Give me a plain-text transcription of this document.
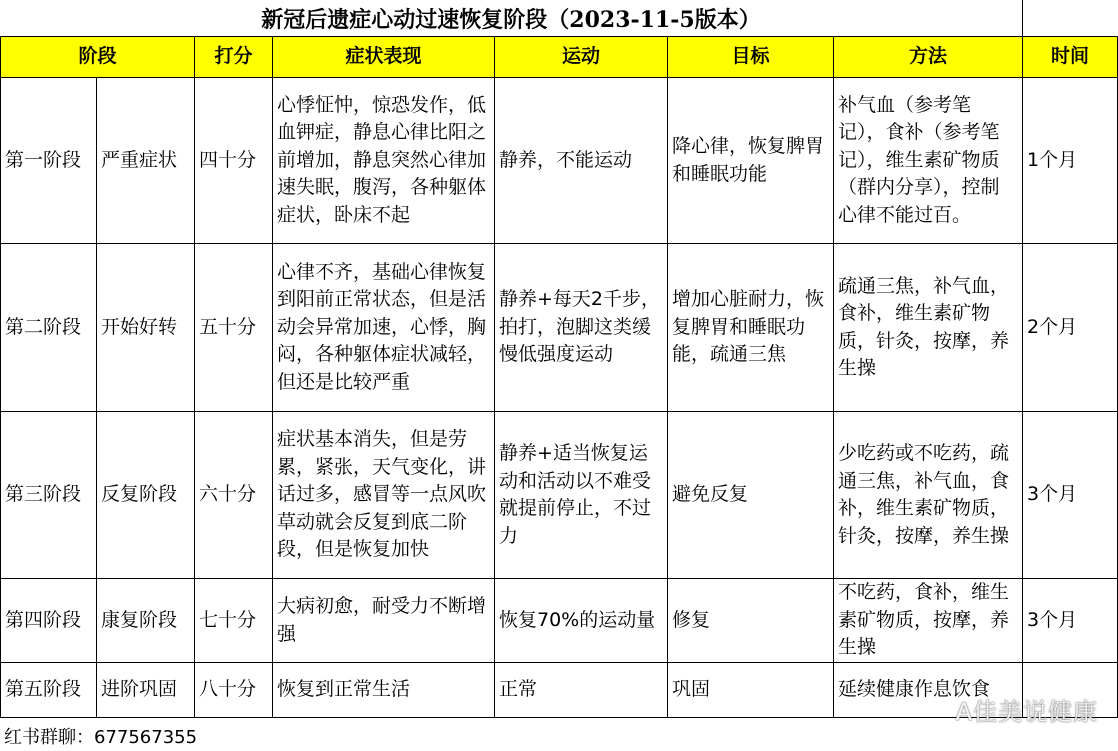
新冠后遗症心动过速恢复阶段（2023-11-5版本）
阶段		打分	症状表现	运动	目标	方法	时间
第一阶段	严重症状	四十分	心悸怔忡，惊恐发作，低血钾症，静息心律比阳之前增加，静息突然心律加速失眠，腹泻，各种躯体症状，卧床不起	静养，不能运动	降心律，恢复脾胃和睡眠功能	补气血（参考笔记），食补（参考笔记），维生素矿物质（群内分享），控制心律不能过百。	1个月
第二阶段	开始好转	五十分	心律不齐，基础心律恢复到阳前正常状态，但是活动会异常加速，心悸，胸闷，各种躯体症状减轻，但还是比较严重	静养+每天2千步，拍打，泡脚这类缓慢低强度运动	增加心脏耐力，恢复脾胃和睡眠功能，疏通三焦	疏通三焦，补气血，食补，维生素矿物质，针灸，按摩，养生操	2个月
第三阶段	反复阶段	六十分	症状基本消失，但是劳累，紧张，天气变化，讲话过多，感冒等一点风吹草动就会反复到底二阶段，但是恢复加快	静养+适当恢复运动和活动以不难受就提前停止，不过力	避免反复	少吃药或不吃药，疏通三焦，补气血，食补，维生素矿物质，针灸，按摩，养生操	3个月
第四阶段	康复阶段	七十分	大病初愈，耐受力不断增强	恢复70%的运动量	修复	不吃药，食补，维生素矿物质，按摩，养生操	3个月
第五阶段	进阶巩固	八十分	恢复到正常生活	正常	巩固	延续健康作息饮食	
红书群聊：677567355
A佳美说健康
